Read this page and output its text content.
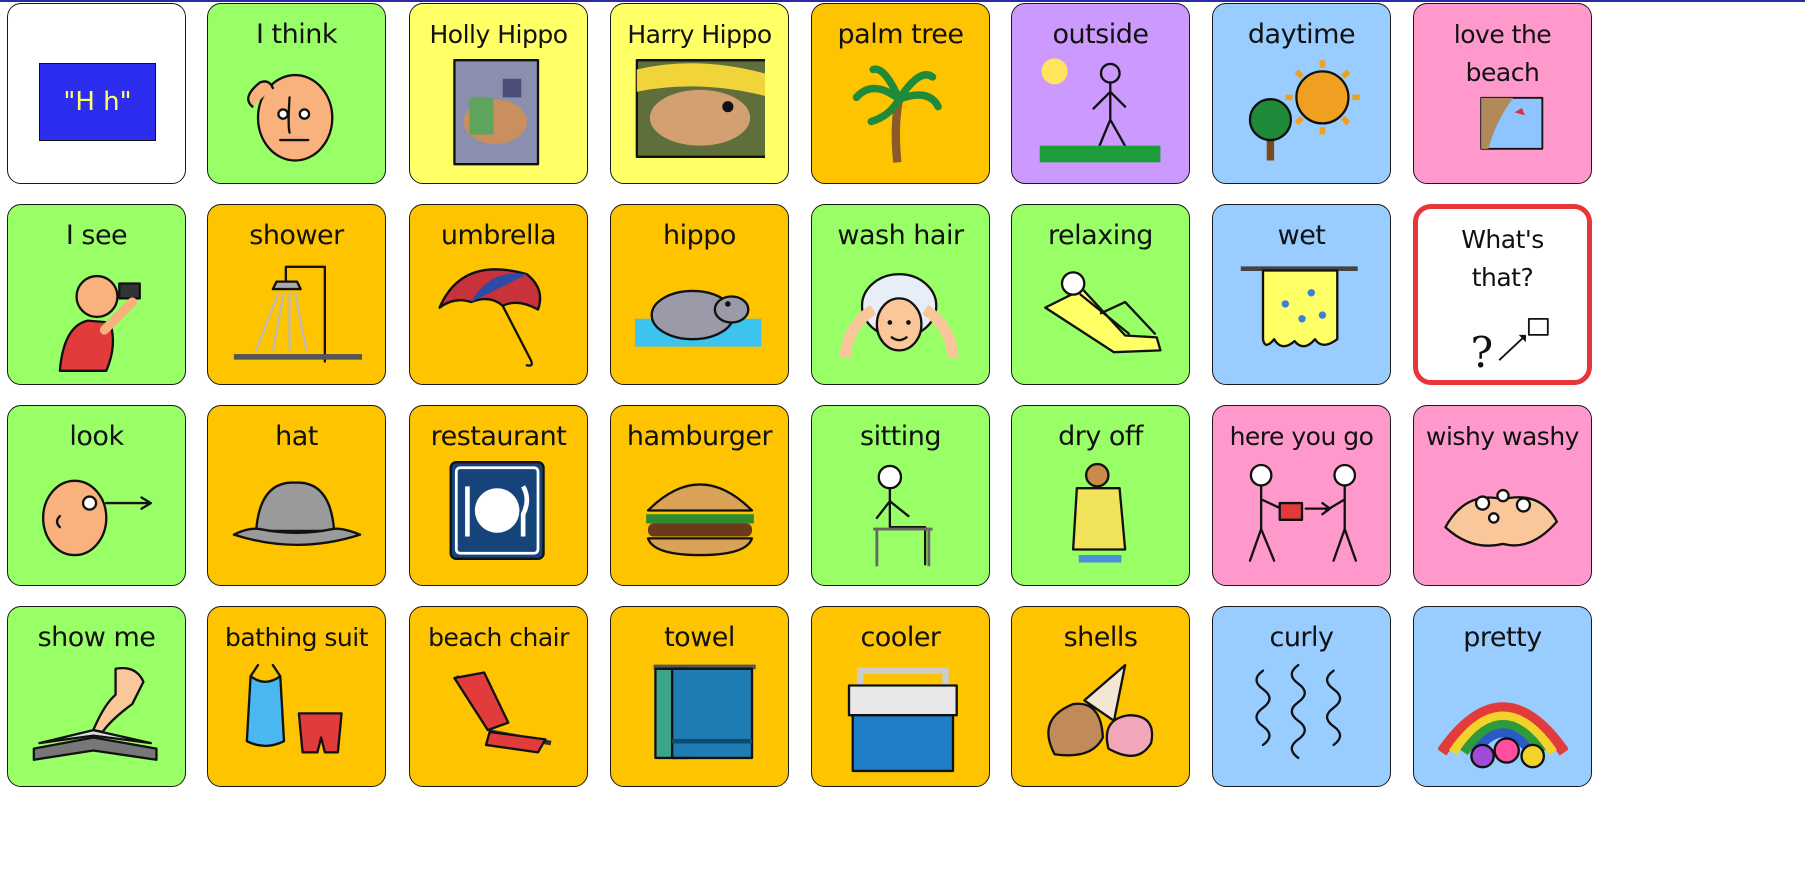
"H h"
I think	Holly Hippo	Harry Hippo	palm tree	outside	daytime	love the
beach
I see	shower	umbrella	hippo	wash hair	relaxing	wet	What's
that?
?
look	hat	restaurant	hamburger	sitting	dry off	here you go	wishy washy
show me	bathing suit	beach chair	towel	cooler	shells	curly	pretty
